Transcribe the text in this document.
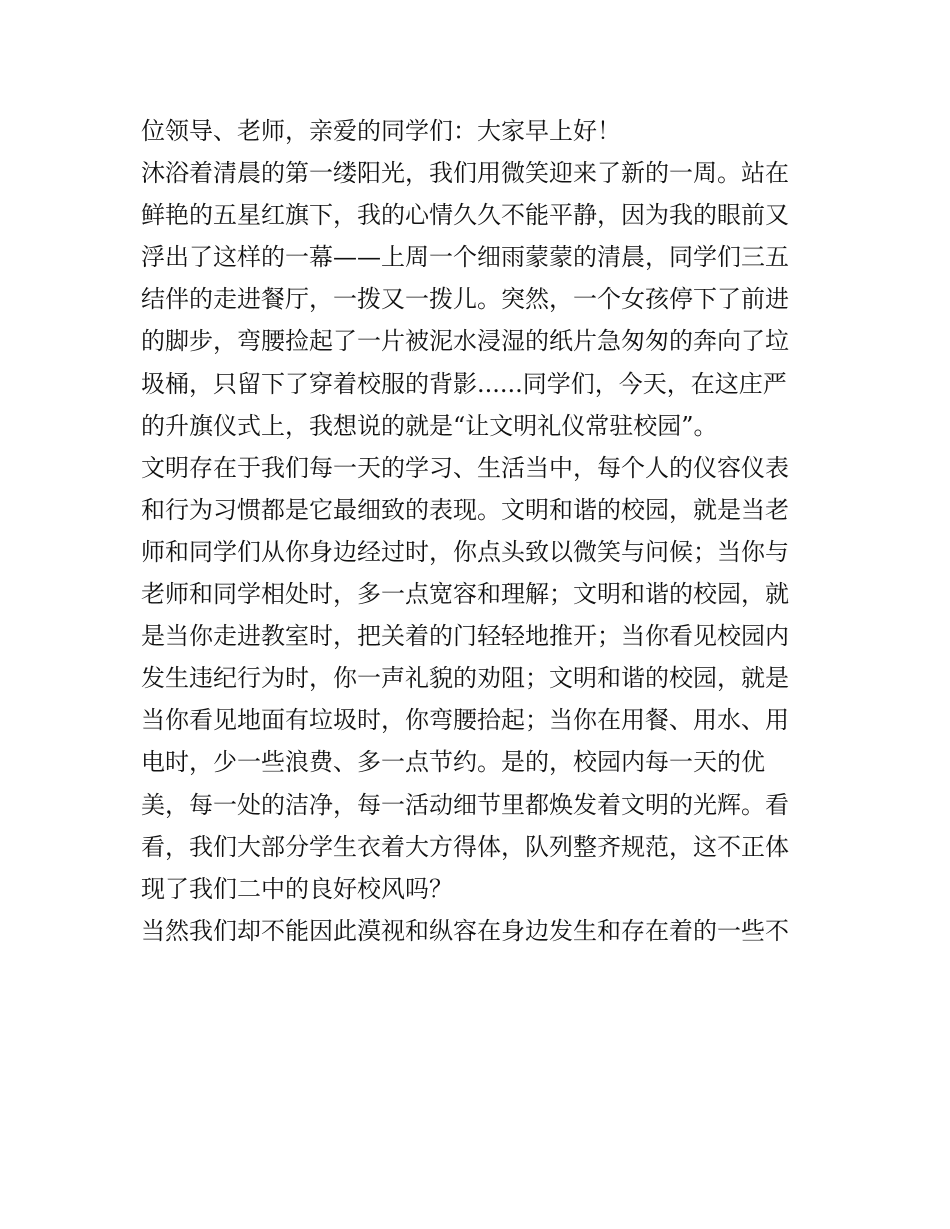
位领导、老师，亲爱的同学们：大家早上好！
沐浴着清晨的第一缕阳光，我们用微笑迎来了新的一周。站在
鲜艳的五星红旗下，我的心情久久不能平静，因为我的眼前又
浮出了这样的一幕——上周一个细雨蒙蒙的清晨，同学们三五
结伴的走进餐厅，一拨又一拨儿。突然，一个女孩停下了前进
的脚步，弯腰捡起了一片被泥水浸湿的纸片急匆匆的奔向了垃
圾桶，只留下了穿着校服的背影......同学们，今天，在这庄严
的升旗仪式上，我想说的就是“让文明礼仪常驻校园”。
文明存在于我们每一天的学习、生活当中，每个人的仪容仪表
和行为习惯都是它最细致的表现。文明和谐的校园，就是当老
师和同学们从你身边经过时，你点头致以微笑与问候；当你与
老师和同学相处时，多一点宽容和理解；文明和谐的校园，就
是当你走进教室时，把关着的门轻轻地推开；当你看见校园内
发生违纪行为时，你一声礼貌的劝阻；文明和谐的校园，就是
当你看见地面有垃圾时，你弯腰拾起；当你在用餐、用水、用
电时，少一些浪费、多一点节约。是的，校园内每一天的优
美，每一处的洁净，每一活动细节里都焕发着文明的光辉。看
看，我们大部分学生衣着大方得体，队列整齐规范，这不正体
现了我们二中的良好校风吗？
当然我们却不能因此漠视和纵容在身边发生和存在着的一些不
